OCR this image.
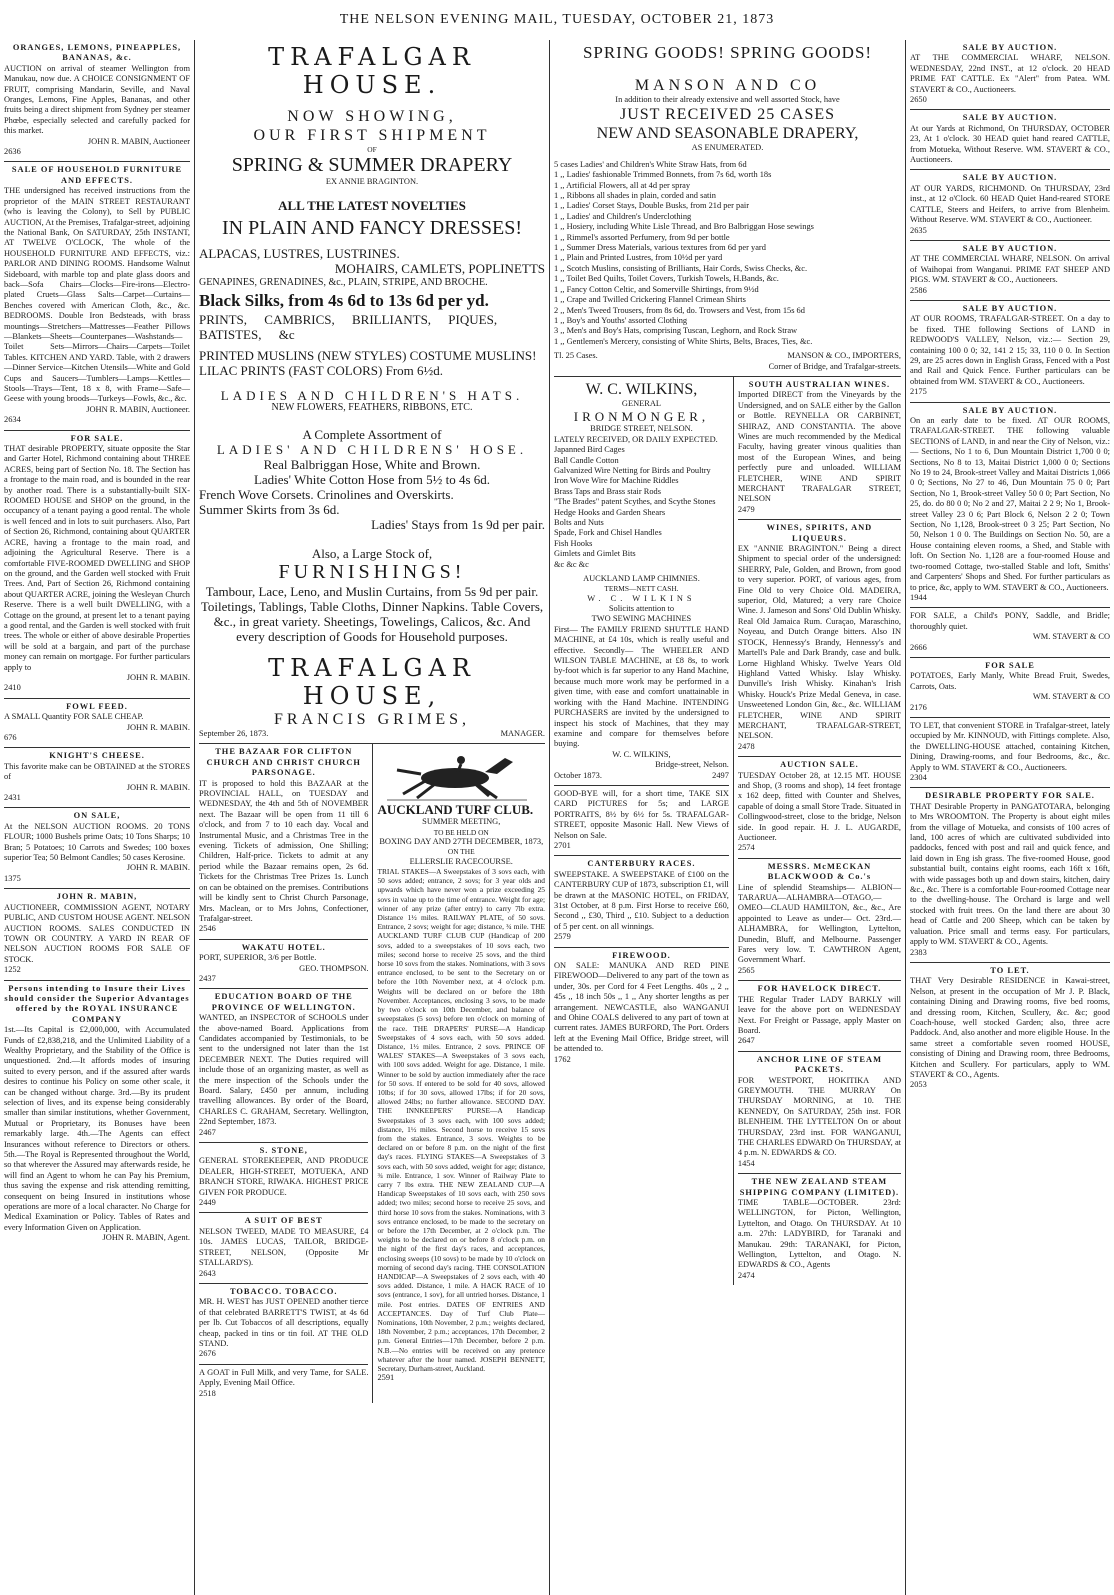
THE NELSON EVENING MAIL, TUESDAY, OCTOBER 21, 1873
ORANGES, LEMONS, PINEAPPLES, BANANAS, &c.
AUCTION on arrival of steamer Wellington from Manukau, now due. A CHOICE CONSIGNMENT OF FRUIT, comprising Mandarin, Seville, and Naval Oranges, Lemons, Fine Apples, Bananas, and other fruits being a direct shipment from Sydney per steamer Phœbe, especially selected and carefully packed for this market.
JOHN R. MABIN, Auctioneer
2636
SALE OF HOUSEHOLD FURNITURE AND EFFECTS.
THE undersigned has received instructions from the proprietor of the MAIN STREET RESTAURANT (who is leaving the Colony), to Sell by PUBLIC AUCTION, At the Premises, Trafalgar-street, adjoining the National Bank, On SATURDAY, 25th INSTANT, AT TWELVE O'CLOCK, The whole of the HOUSEHOLD FURNITURE AND EFFECTS, viz.: PARLOR AND DINING ROOMS. Handsome Walnut Sideboard, with marble top and plate glass doors and back—Sofa Chairs—Clocks—Fire-irons—Electro-plated Cruets—Glass Salts—Carpet—Curtains—Benches covered with American Cloth, &c., &c. BEDROOMS. Double Iron Bedsteads, with brass mountings—Stretchers—Mattresses—Feather Pillows—Blankets—Sheets—Counterpanes—Washstands—Toilet Sets—Mirrors—Chairs—Carpets—Toilet Tables. KITCHEN AND YARD. Table, with 2 drawers—Dinner Service—Kitchen Utensils—White and Gold Cups and Saucers—Tumblers—Lamps—Kettles—Stools—Trays—Tent, 18 x 8, with Frame—Safe—Geese with young broods—Turkeys—Fowls, &c., &c.
JOHN R. MABIN, Auctioneer.
2634
FOR SALE.
THAT desirable PROPERTY, situate opposite the Star and Garter Hotel, Richmond containing about THREE ACRES, being part of Section No. 18. The Section has a frontage to the main road, and is bounded in the rear by another road. There is a substantially-built SIX-ROOMED HOUSE and SHOP on the ground, in the occupancy of a tenant paying a good rental. The whole is well fenced and in lots to suit purchasers. Also, Part of Section 26, Richmond, containing about QUARTER ACRE, having a frontage to the main road, and adjoining the Agricultural Reserve. There is a comfortable FIVE-ROOMED DWELLING and SHOP on the ground, and the Garden well stocked with Fruit Trees. And, Part of Section 26, Richmond containing about QUARTER ACRE, joining the Wesleyan Church Reserve. There is a well built DWELLING, with a Cottage on the ground, at present let to a tenant paying a good rental, and the Garden is well stocked with fruit trees. The whole or either of above desirable Properties will be sold at a bargain, and part of the purchase money can remain on mortgage. For further particulars apply to
JOHN R. MABIN.
2410
FOWL FEED.
A SMALL Quantity FOR SALE CHEAP.
JOHN R. MABIN.
676
KNIGHT'S CHEESE.
This favorite make can be OBTAINED at the STORES of
JOHN R. MABIN.
2431
ON SALE,
At the NELSON AUCTION ROOMS. 20 TONS FLOUR; 1000 Bushels prime Oats; 10 Tons Sharps; 10 Bran; 5 Potatoes; 10 Carrots and Swedes; 100 boxes superior Tea; 50 Belmont Candles; 50 cases Kerosine.
JOHN R. MABIN.
1375
JOHN R. MABIN,
AUCTIONEER, COMMISSION AGENT, NOTARY PUBLIC, AND CUSTOM HOUSE AGENT. NELSON AUCTION ROOMS. SALES CONDUCTED IN TOWN OR COUNTRY. A YARD IN REAR OF NELSON AUCTION ROOMS FOR SALE OF STOCK.
1252
Persons intending to Insure their Lives should consider the Superior Advantages offered by the ROYAL INSURANCE COMPANY
1st.—Its Capital is £2,000,000, with Accumulated Funds of £2,838,218, and the Unlimited Liability of a Wealthy Proprietary, and the Stability of the Office is unquestioned. 2nd.—It affords modes of insuring suited to every person, and if the assured after wards desires to continue his Policy on some other scale, it can be changed without charge. 3rd.—By its prudent selection of lives, and its expense being considerably smaller than similar institutions, whether Government, Mutual or Proprietary, its Bonuses have been remarkably large. 4th.—The Agents can effect Insurances without reference to Directors or others. 5th.—The Royal is Represented throughout the World, so that wherever the Assured may afterwards reside, he will find an Agent to whom he can Pay his Premium, thus saving the expense and risk attending remitting, consequent on being Insured in institutions whose operations are more of a local character. No Charge for Medical Examination or Policy. Tables of Rates and every Information Given on Application.
JOHN R. MABIN, Agent.
TRAFALGAR HOUSE.
NOW SHOWING,
OUR FIRST SHIPMENT
OF
SPRING & SUMMER DRAPERY
EX ANNIE BRAGINTON.
ALL THE LATEST NOVELTIES
IN PLAIN AND FANCY DRESSES!
ALPACAS, LUSTRES, LUSTRINES.
MOHAIRS, CAMLETS, POPLINETTS
GENAPINES, GRENADINES, &c., PLAIN, STRIPE, AND BROCHE.
Black Silks, from 4s 6d to 13s 6d per yd.
PRINTS, CAMBRICS, BRILLIANTS, PIQUES, BATISTES, &c
PRINTED MUSLINS (NEW STYLES) COSTUME MUSLINS!
LILAC PRINTS (FAST COLORS) From 6½d.
LADIES AND CHILDREN'S HATS.
NEW FLOWERS, FEATHERS, RIBBONS, ETC.
A Complete Assortment of
LADIES' AND CHILDRENS' HOSE.
Real Balbriggan Hose, White and Brown.
Ladies' White Cotton Hose from 5½ to 4s 6d.
French Wove Corsets. Crinolines and Overskirts.
Summer Skirts from 3s 6d.
Ladies' Stays from 1s 9d per pair.
Also, a Large Stock of,
FURNISHINGS!
Tambour, Lace, Leno, and Muslin Curtains, from 5s 9d per pair. Toiletings, Tablings, Table Cloths, Dinner Napkins. Table Covers, &c., in great variety. Sheetings, Towelings, Calicos, &c. And every description of Goods for Household purposes.
TRAFALGAR HOUSE,
FRANCIS GRIMES,
September 26, 1873.	MANAGER.
THE BAZAAR FOR CLIFTON CHURCH AND CHRIST CHURCH PARSONAGE.
IT is proposed to hold this BAZAAR at the PROVINCIAL HALL, on TUESDAY and WEDNESDAY, the 4th and 5th of NOVEMBER next. The Bazaar will be open from 11 till 6 o'clock, and from 7 to 10 each day. Vocal and Instrumental Music, and a Christmas Tree in the evening. Tickets of admission, One Shilling; Children, Half-price. Tickets to admit at any period while the Bazaar remains open, 2s 6d. Tickets for the Christmas Tree Prizes 1s. Lunch on can be obtained on the premises. Contributions will be kindly sent to Christ Church Parsonage, Mrs. Maclean, or to Mrs Johns, Confectioner, Trafalgar-street.
2546
WAKATU HOTEL.
PORT, SUPERIOR, 3/6 per Bottle.
GEO. THOMPSON.
2437
EDUCATION BOARD OF THE PROVINCE OF WELLINGTON.
WANTED, an INSPECTOR of SCHOOLS under the above-named Board. Applications from Candidates accompanied by Testimonials, to be sent to the undersigned not later than the 1st DECEMBER NEXT. The Duties required will include those of an organizing master, as well as the mere inspection of the Schools under the Board. Salary, £450 per annum, including travelling allowances. By order of the Board, CHARLES C. GRAHAM, Secretary. Wellington, 22nd September, 1873.
2467
S. STONE,
GENERAL STOREKEEPER, AND PRODUCE DEALER, HIGH-STREET, MOTUEKA, AND BRANCH STORE, RIWAKA. HIGHEST PRICE GIVEN FOR PRODUCE.
2449
A SUIT OF BEST
NELSON TWEED, MADE TO MEASURE, £4 10s. JAMES LUCAS, TAILOR, BRIDGE-STREET, NELSON, (Opposite Mr STALLARD'S).
2643
TOBACCO. TOBACCO.
MR. H. WEST has JUST OPENED another tierce of that celebrated BARRETT'S TWIST, at 4s 6d per lb. Cut Tobaccos of all descriptions, equally cheap, packed in tins or tin foil. AT THE OLD STAND.
2676
A GOAT in Full Milk, and very Tame, for SALE. Apply, Evening Mail Office.
2518
AUCKLAND TURF CLUB.
SUMMER MEETING,
TO BE HELD ON
BOXING DAY AND 27TH DECEMBER, 1873,
ON THE
ELLERSLIE RACECOURSE.
TRIAL STAKES—A Sweepstakes of 3 sovs each, with 50 sovs added; entrance, 2 sovs; for 3 year olds and upwards which have never won a prize exceeding 25 sovs in value up to the time of entrance. Weight for age; winner of any prize (after entry) to carry 7lb extra. Distance 1½ miles. RAILWAY PLATE, of 50 sovs. Entrance, 2 sovs; weight for age; distance, ¾ mile. THE AUCKLAND TURF CLUB CUP (Handicap of 200 sovs, added to a sweepstakes of 10 sovs each, two miles; second horse to receive 25 sovs, and the third horse 10 sovs from the stakes. Nominations, with 3 sovs entrance enclosed, to be sent to the Secretary on or before the 10th November next, at 4 o'clock p.m. Weights will be declared on or before the 18th November. Acceptances, enclosing 3 sovs, to be made by two o'clock on 10th December, and balance of sweepstakes (5 sovs) before ten o'clock on morning of the race. THE DRAPERS' PURSE—A Handicap Sweepstakes of 4 sovs each, with 50 sovs added. Distance, 1½ miles. Entrance, 2 sovs. PRINCE OF WALES' STAKES—A Sweepstakes of 3 sovs each, with 100 sovs added. Weight for age. Distance, 1 mile. Winner to be sold by auction immediately after the race for 50 sovs. If entered to be sold for 40 sovs, allowed 10lbs; if for 30 sovs, allowed 17lbs; if for 20 sovs, allowed 24lbs; no further allowance. SECOND DAY. THE INNKEEPERS' PURSE—A Handicap Sweepstakes of 3 sovs each, with 100 sovs added; distance, 1½ miles. Second horse to receive 15 sovs from the stakes. Entrance, 3 sovs. Weights to be declared on or before 8 p.m. on the night of the first day's races. FLYING STAKES—A Sweepstakes of 3 sovs each, with 50 sovs added, weight for age; distance, ¾ mile. Entrance, 1 sov. Winner of Railway Plate to carry 7 lbs extra. THE NEW ZEALAND CUP—A Handicap Sweepstakes of 10 sovs each, with 250 sovs added; two miles; second horse to receive 25 sovs, and third horse 10 sovs from the stakes. Nominations, with 3 sovs entrance enclosed, to be made to the secretary on or before the 17th December, at 2 o'clock p.m. The weights to be declared on or before 8 o'clock p.m. on the night of the first day's races, and acceptances, enclosing sweeps (10 sovs) to be made by 10 o'clock on morning of second day's racing. THE CONSOLATION HANDICAP—A Sweepstakes of 2 sovs each, with 40 sovs added. Distance, 1 mile. A HACK RACE of 10 sovs (entrance, 1 sov), for all untried horses. Distance, 1 mile. Post entries. DATES OF ENTRIES AND ACCEPTANCES. Day of Turf Club Plate—Nominations, 10th November, 2 p.m.; weights declared, 18th November, 2 p.m.; acceptances, 17th December, 2 p.m. General Entries—17th December, before 2 p.m. N.B.—No entries will be received on any pretence whatever after the hour named. JOSEPH BENNETT, Secretary, Durham-street, Auckland.
2591
SPRING GOODS! SPRING GOODS!
MANSON AND CO
In addition to their already extensive and well assorted Stock, have
JUST RECEIVED 25 CASES
NEW AND SEASONABLE DRAPERY,
AS ENUMERATED.
5 cases Ladies' and Children's White Straw Hats, from 6d
1 ,, Ladies' fashionable Trimmed Bonnets, from 7s 6d, worth 18s
1 ,, Artificial Flowers, all at 4d per spray
1 ,, Ribbons all shades in plain, corded and satin
1 ,, Ladies' Corset Stays, Double Busks, from 21d per pair
1 ,, Ladies' and Children's Underclothing
1 ,, Hosiery, including White Lisle Thread, and Bro Balbriggan Hose sewings
1 ,, Rimmel's assorted Perfumery, from 9d per bottle
1 ,, Summer Dress Materials, various textures from 6d per yard
1 ,, Plain and Printed Lustres, from 10½d per yard
1 ,, Scotch Muslins, consisting of Brilliants, Hair Cords, Swiss Checks, &c.
1 ,, Toilet Bed Quilts, Toilet Covers, Turkish Towels, H.Bands, &c.
1 ,, Fancy Cotton Celtic, and Somerville Shirtings, from 9½d
1 ,, Crape and Twilled Crickering Flannel Crimean Shirts
2 ,, Men's Tweed Trousers, from 8s 6d, do. Trowsers and Vest, from 15s 6d
1 ,, Boy's and Youths' assorted Clothing
3 ,, Men's and Boy's Hats, comprising Tuscan, Leghorn, and Rock Straw
1 ,, Gentlemen's Mercery, consisting of White Shirts, Belts, Braces, Ties, &c.
Tl. 25 Cases.	MANSON & CO., IMPORTERS,
Corner of Bridge, and Trafalgar-streets.
W. C. WILKINS,
GENERAL
IRONMONGER,
BRIDGE STREET, NELSON.
LATELY RECEIVED, OR DAILY EXPECTED.
Japanned Bird Cages
Ball Candle Cotton
Galvanized Wire Netting for Birds and Poultry
Iron Wove Wire for Machine Riddles
Brass Taps and Brass stair Rods
"The Brades" patent Scythes, and Scythe Stones
Hedge Hooks and Garden Shears
Bolts and Nuts
Spade, Fork and Chisel Handles
Fish Hooks
Gimlets and Gimlet Bits
&c &c &c
AUCKLAND LAMP CHIMNIES.
TERMS—NETT CASH.
W. C. WILKINS
Solicits attention to
TWO SEWING MACHINES
First— The FAMILY FRIEND SHUTTLE HAND MACHINE, at £4 10s, which is really useful and effective. Secondly— The WHEELER AND WILSON TABLE MACHINE, at £8 8s, to work by-foot which is far superior to any Hand Machine, because much more work may be performed in a given time, with ease and comfort unattainable in working with the Hand Machine. INTENDING PURCHASERS are invited by the undersigned to inspect his stock of Machines, that they may examine and compare for themselves before buying.
W. C. WILKINS,
Bridge-street, Nelson.
October 1873.	2497
GOOD-BYE will, for a short time, TAKE SIX CARD PICTURES for 5s; and LARGE PORTRAITS, 8½ by 6½ for 5s. TRAFALGAR-STREET, opposite Masonic Hall. New Views of Nelson on Sale.
2701
CANTERBURY RACES.
SWEEPSTAKE. A SWEEPSTAKE of £100 on the CANTERBURY CUP of 1873, subscription £1, will be drawn at the MASONIC HOTEL, on FRIDAY, 31st October, at 8 p.m. First Horse to receive £60, Second ,, £30, Third ,, £10. Subject to a deduction of 5 per cent. on all winnings.
2579
FIREWOOD.
ON SALE: MANUKA AND RED PINE FIREWOOD—Delivered to any part of the town as under, 30s. per Cord for 4 Feet Lengths. 40s ,, 2 ,, 45s ,, 18 inch 50s ,, 1 ,, Any shorter lengths as per arrangement. NEWCASTLE, also WANGANUI and Ohine COALS delivered to any part of town at current rates. JAMES BURFORD, The Port. Orders left at the Evening Mail Office, Bridge street, will be attended to.
1762
SOUTH AUSTRALIAN WINES.
Imported DIRECT from the Vineyards by the Undersigned, and on SALE either by the Gallon or Bottle. REYNELLA OR CARBINET, SHIRAZ, AND CONSTANTIA. The above Wines are much recommended by the Medical Faculty, having greater vinous qualities than most of the European Wines, and being perfectly pure and unloaded. WILLIAM FLETCHER, WINE AND SPIRIT MERCHANT TRAFALGAR STREET, NELSON
2479
WINES, SPIRITS, AND LIQUEURS.
EX "ANNIE BRAGINTON." Being a direct Shipment to special order of the undersigned: SHERRY, Pale, Golden, and Brown, from good to very superior. PORT, of various ages, from Fine Old to very Choice Old. MADEIRA, superior, Old, Matured; a very rare Choice Wine. J. Jameson and Sons' Old Dublin Whisky. Real Old Jamaica Rum. Curaçao, Maraschino, Noyeau, and Dutch Orange bitters. Also IN STOCK, Hennessy's Brandy, Hennessy's and Martell's Pale and Dark Brandy, case and bulk. Lorne Highland Whisky. Twelve Years Old Highland Vatted Whisky. Islay Whisky. Dunville's Irish Whisky. Kinahan's Irish Whisky. Houck's Prize Medal Geneva, in case. Unsweetened London Gin, &c., &c. WILLIAM FLETCHER, WINE AND SPIRIT MERCHANT, TRAFALGAR-STREET, NELSON.
2478
AUCTION SALE.
TUESDAY October 28, at 12.15 MT. HOUSE and Shop, (3 rooms and shop), 14 feet frontage x 162 deep, fitted with Counter and Shelves, capable of doing a small Store Trade. Situated in Collingwood-street, close to the bridge, Nelson side. In good repair. H. J. L. AUGARDE, Auctioneer.
2574
MESSRS. McMECKAN BLACKWOOD & Co.'s
Line of splendid Steamships— ALBION—TARARUA—ALHAMBRA—OTAGO,—OMEO—CLAUD HAMILTON, &c., &c., Are appointed to Leave as under— Oct. 23rd.—ALHAMBRA, for Wellington, Lyttelton, Dunedin, Bluff, and Melbourne. Passenger Fares very low. T. CAWTHRON Agent, Government Wharf.
2565
FOR HAVELOCK DIRECT.
THE Regular Trader LADY BARKLY will leave for the above port on WEDNESDAY Next. For Freight or Passage, apply Master on Board.
2647
ANCHOR LINE OF STEAM PACKETS.
FOR WESTPORT, HOKITIKA AND GREYMOUTH. THE MURRAY On THURSDAY MORNING, at 10. THE KENNEDY, On SATURDAY, 25th inst. FOR BLENHEIM. THE LYTTELTON On or about THURSDAY, 23rd inst. FOR WANGANUI, THE CHARLES EDWARD On THURSDAY, at 4 p.m. N. EDWARDS & CO.
1454
THE NEW ZEALAND STEAM SHIPPING COMPANY (LIMITED).
TIME TABLE—OCTOBER. 23rd: WELLINGTON, for Picton, Wellington, Lyttelton, and Otago. On THURSDAY. At 10 a.m. 27th: LADYBIRD, for Taranaki and Manukau. 29th: TARANAKI, for Picton, Wellington, Lyttelton, and Otago. N. EDWARDS & CO., Agents
2474
SALE BY AUCTION.
AT THE COMMERCIAL WHARF, NELSON. WEDNESDAY, 22nd INST., at 12 o'clock. 20 HEAD PRIME FAT CATTLE. Ex "Alert" from Patea. WM. STAVERT & CO., Auctioneers.
2650
SALE BY AUCTION.
At our Yards at Richmond, On THURSDAY, OCTOBER 23, At 1 o'clock. 30 HEAD quiet hand reared CATTLE, from Motueka, Without Reserve. WM. STAVERT & CO., Auctioneers.
SALE BY AUCTION.
AT OUR YARDS, RICHMOND. On THURSDAY, 23rd inst., at 12 o'Clock. 60 HEAD Quiet Hand-reared STORE CATTLE, Steers and Heifers, to arrive from Blenheim. Without Reserve. WM. STAVERT & CO., Auctioneer.
2635
SALE BY AUCTION.
AT THE COMMERCIAL WHARF, NELSON. On arrival of Waihopai from Wanganui. PRIME FAT SHEEP AND PIGS. WM. STAVERT & CO., Auctioneers.
2586
SALE BY AUCTION.
AT OUR ROOMS, TRAFALGAR-STREET. On a day to be fixed. THE following Sections of LAND in REDWOOD'S VALLEY, Nelson, viz.:— Section 29, containing 100 0 0; 32, 141 2 15; 33, 110 0 0. In Section 29, are 25 acres down in English Grass, Fenced with a Post and Rail and Quick Fence. Further particulars can be obtained from WM. STAVERT & CO., Auctioneers.
2175
SALE BY AUCTION.
On an early date to be fixed. AT OUR ROOMS, TRAFALGAR-STREET. THE following valuable SECTIONS of LAND, in and near the City of Nelson, viz.:— Sections, No 1 to 6, Dun Mountain District 1,700 0 0; Sections, No 8 to 13, Maitai District 1,000 0 0; Sections No 19 to 24, Brook-street Valley and Maitai Districts 1,066 0 0; Sections, No 27 to 46, Dun Mountain 75 0 0; Part Section, No 1, Brook-street Valley 50 0 0; Part Section, No 25, do. do 80 0 0; No 2 and 27, Maitai 2 2 9; No 1, Brook-street Valley 23 0 6; Part Block 6, Nelson 2 2 0; Town Section, No 1,128, Brook-street 0 3 25; Part Section, No 50, Nelson 1 0 0. The Buildings on Section No. 50, are a House containing eleven rooms, a Shed, and Stable with loft. On Section No. 1,128 are a four-roomed House and two-roomed Cottage, two-stalled Stable and loft, Smiths' and Carpenters' Shops and Shed. For further particulars as to price, &c, apply to WM. STAVERT & CO., Auctioneers.
1944
FOR SALE, a Child's PONY, Saddle, and Bridle; thoroughly quiet.
WM. STAVERT & CO
2666
FOR SALE
POTATOES, Early Manly, White Bread Fruit, Swedes, Carrots, Oats.
WM. STAVERT & CO
2176
TO LET, that convenient STORE in Trafalgar-street, lately occupied by Mr. KINNOUD, with Fittings complete. Also, the DWELLING-HOUSE attached, containing Kitchen, Dining, Drawing-rooms, and four Bedrooms, &c., &c. Apply to WM. STAVERT & CO., Auctioneers.
2304
DESIRABLE PROPERTY FOR SALE.
THAT Desirable Property in PANGATOTARA, belonging to Mrs WROOMTON. The Property is about eight miles from the village of Motueka, and consists of 100 acres of land, 100 acres of which are cultivated subdivided into paddocks, fenced with post and rail and quick fence, and laid down in Eng ish grass. The five-roomed House, good substantial built, contains eight rooms, each 16ft x 16ft, with wide passages both up and down stairs, kitchen, dairy &c., &c. There is a comfortable Four-roomed Cottage near to the dwelling-house. The Orchard is large and well stocked with fruit trees. On the land there are about 30 head of Cattle and 200 Sheep, which can be taken by valuation. Price small and terms easy. For particulars, apply to WM. STAVERT & CO., Agents.
2383
TO LET.
THAT Very Desirable RESIDENCE in Kawai-street, Nelson, at present in the occupation of Mr J. P. Black, containing Dining and Drawing rooms, five bed rooms, and dressing room, Kitchen, Scullery, &c. &c; good Coach-house, well stocked Garden; also, three acre Paddock. And, also another and more eligible House. In the same street a comfortable seven roomed HOUSE, consisting of Dining and Drawing room, three Bedrooms, Kitchen and Scullery. For particulars, apply to WM. STAVERT & CO., Agents.
2053
